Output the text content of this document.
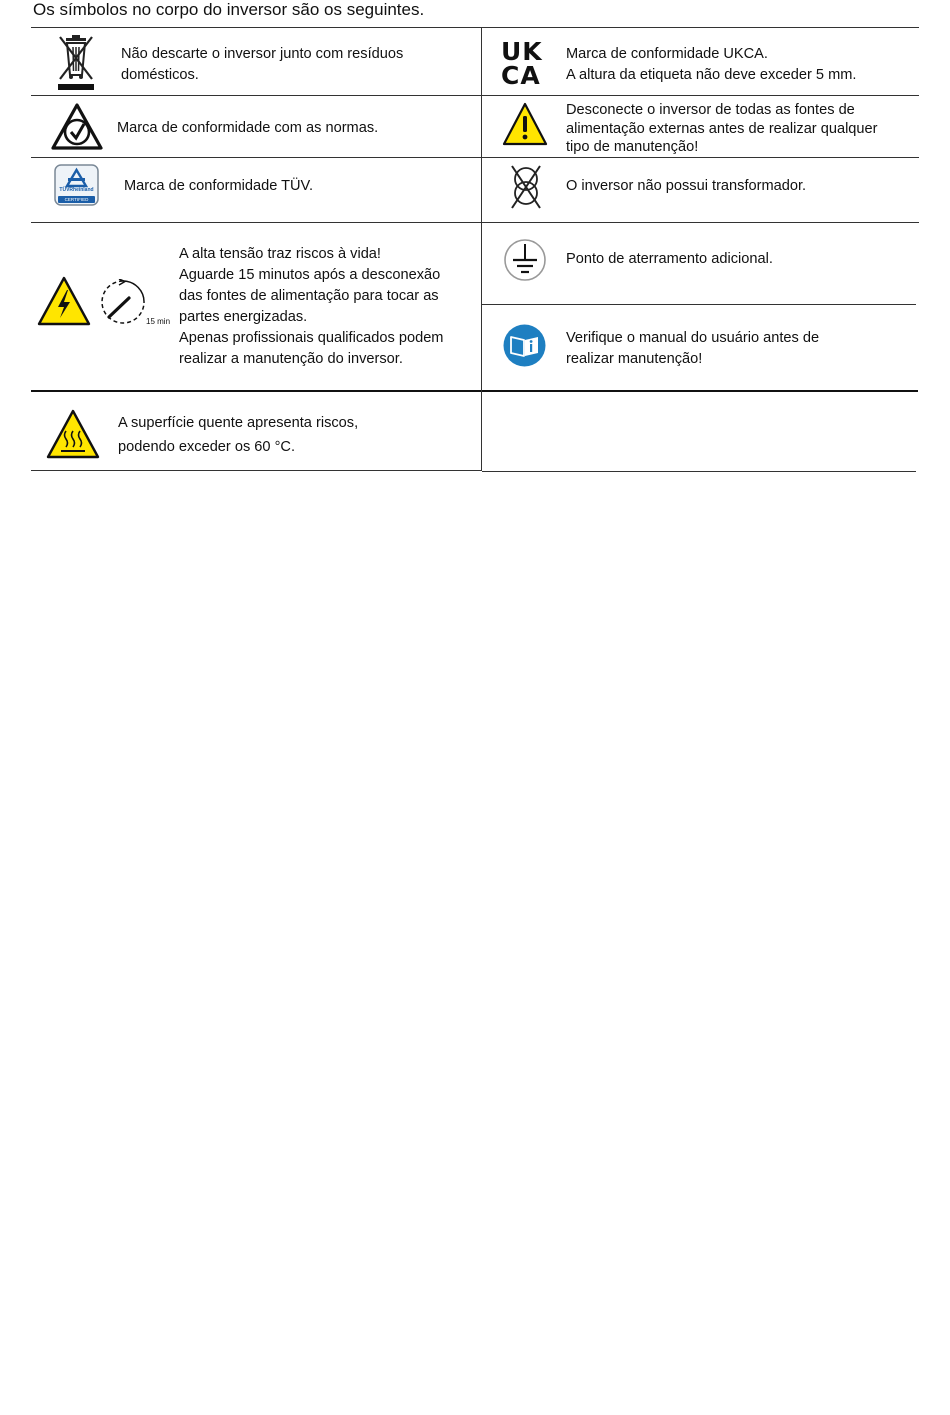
Os símbolos no corpo do inversor são os seguintes.
Não descarte o inversor junto com resíduos
domésticos.
UK
CA
Marca de conformidade UKCA.
A altura da etiqueta não deve exceder 5 mm.
Marca de conformidade com as normas.
Desconecte o inversor de todas as fontes de
alimentação externas antes de realizar qualquer
tipo de manutenção!
TÜVRheinland
CERTIFIED
Marca de conformidade TÜV.	O inversor não possui transformador.
15 min
A alta tensão traz riscos à vida!
Aguarde 15 minutos após a desconexão
das fontes de alimentação para tocar as
partes energizadas.
Apenas profissionais qualificados podem
realizar a manutenção do inversor.
Ponto de aterramento adicional.
Verifique o manual do usuário antes de
realizar manutenção!
A superfície quente apresenta riscos,
podendo exceder os 60 °C.
